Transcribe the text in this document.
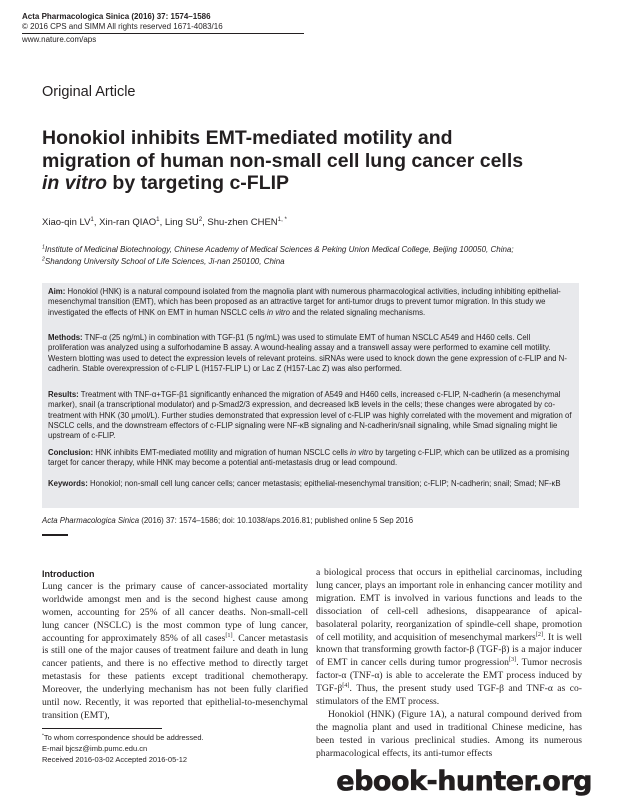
Acta Pharmacologica Sinica (2016) 37: 1574–1586
© 2016 CPS and SIMM All rights reserved 1671-4083/16
www.nature.com/aps
Original Article
Honokiol inhibits EMT-mediated motility and
migration of human non-small cell lung cancer cells
in vitro by targeting c-FLIP
Xiao-qin $LV^1$, Xin-ran QIAO$^1$, Ling $SU^2$, Shu-zhen $CHEN^{1, *}$
$^1$Institute of Medicinal Biotechnology, Chinese Academy of Medical Sciences & Peking Union Medical College, Beijing 100050, China;
$^2$Shandong University School of Life Sciences, Ji-nan 250100, China
Aim: Honokiol (HNK) is a natural compound isolated from the magnolia plant with numerous pharmacological activities, including inhibiting epithelial-mesenchymal transition (EMT), which has been proposed as an attractive target for anti-tumor drugs to prevent tumor migration. In this study we investigated the effects of HNK on EMT in human NSCLC cells in vitro and the related signaling mechanisms.
Methods: TNF-α (25 ng/mL) in combination with TGF-β1 (5 ng/mL) was used to stimulate EMT of human NSCLC A549 and H460 cells. Cell proliferation was analyzed using a sulforhodamine B assay. A wound-healing assay and a transwell assay were performed to examine cell motility. Western blotting was used to detect the expression levels of relevant proteins. siRNAs were used to knock down the gene expression of c-FLIP and N-cadherin. Stable overexpression of c-FLIP L (H157-FLIP L) or Lac Z (H157-Lac Z) was also performed.
Results: Treatment with TNF-α+TGF-β1 significantly enhanced the migration of A549 and H460 cells, increased c-FLIP, N-cadherin (a mesenchymal marker), snail (a transcriptional modulator) and p-Smad2/3 expression, and decreased IκB levels in the cells; these changes were abrogated by co-treatment with HNK (30 μmol/L). Further studies demonstrated that expression level of c-FLIP was highly correlated with the movement and migration of NSCLC cells, and the downstream effectors of c-FLIP signaling were NF-κB signaling and N-cadherin/snail signaling, while Smad signaling might lie upstream of c-FLIP.
Conclusion: HNK inhibits EMT-mediated motility and migration of human NSCLC cells in vitro by targeting c-FLIP, which can be utilized as a promising target for cancer therapy, while HNK may become a potential anti-metastasis drug or lead compound.
Keywords: Honokiol; non-small cell lung cancer cells; cancer metastasis; epithelial-mesenchymal transition; c-FLIP; N-cadherin; snail; Smad; NF-κB
Acta Pharmacologica Sinica (2016) 37: 1574–1586; doi: 10.1038/aps.2016.81; published online 5 Sep 2016
Introduction

Lung cancer is the primary cause of cancer-associated mortality worldwide amongst men and is the second highest cause among women, accounting for 25% of all cancer deaths. Non-small-cell lung cancer (NSCLC) is the most common type of lung cancer, accounting for approximately 85% of all cases[1]. Cancer metastasis is still one of the major causes of treatment failure and death in lung cancer patients, and there is no effective method to directly target metastasis for these patients except traditional chemotherapy. Moreover, the underlying mechanism has not been fully clarified until now. Recently, it was reported that epithelial-to-mesenchymal transition (EMT),

*To whom correspondence should be addressed.
E-mail bjcsz@imb.pumc.edu.cn
Received 2016-03-02 Accepted 2016-05-12

a biological process that occurs in epithelial carcinomas, including lung cancer, plays an important role in enhancing cancer motility and migration. EMT is involved in various functions and leads to the dissociation of cell-cell adhesions, disappearance of apical-basolateral polarity, reorganization of spindle-cell shape, promotion of cell motility, and acquisition of mesenchymal markers[2]. It is well known that transforming growth factor-β (TGF-β) is a major inducer of EMT in cancer cells during tumor progression[3]. Tumor necrosis factor-α (TNF-α) is able to accelerate the EMT process induced by TGF-β[4]. Thus, the present study used TGF-β and TNF-α as co-stimulators of the EMT process.

Honokiol (HNK) (Figure 1A), a natural compound derived from the magnolia plant and used in traditional Chinese medicine, has been tested in various preclinical studies. Among its numerous pharmacological effects, its anti-tumor effects

ebook-hunter.org
